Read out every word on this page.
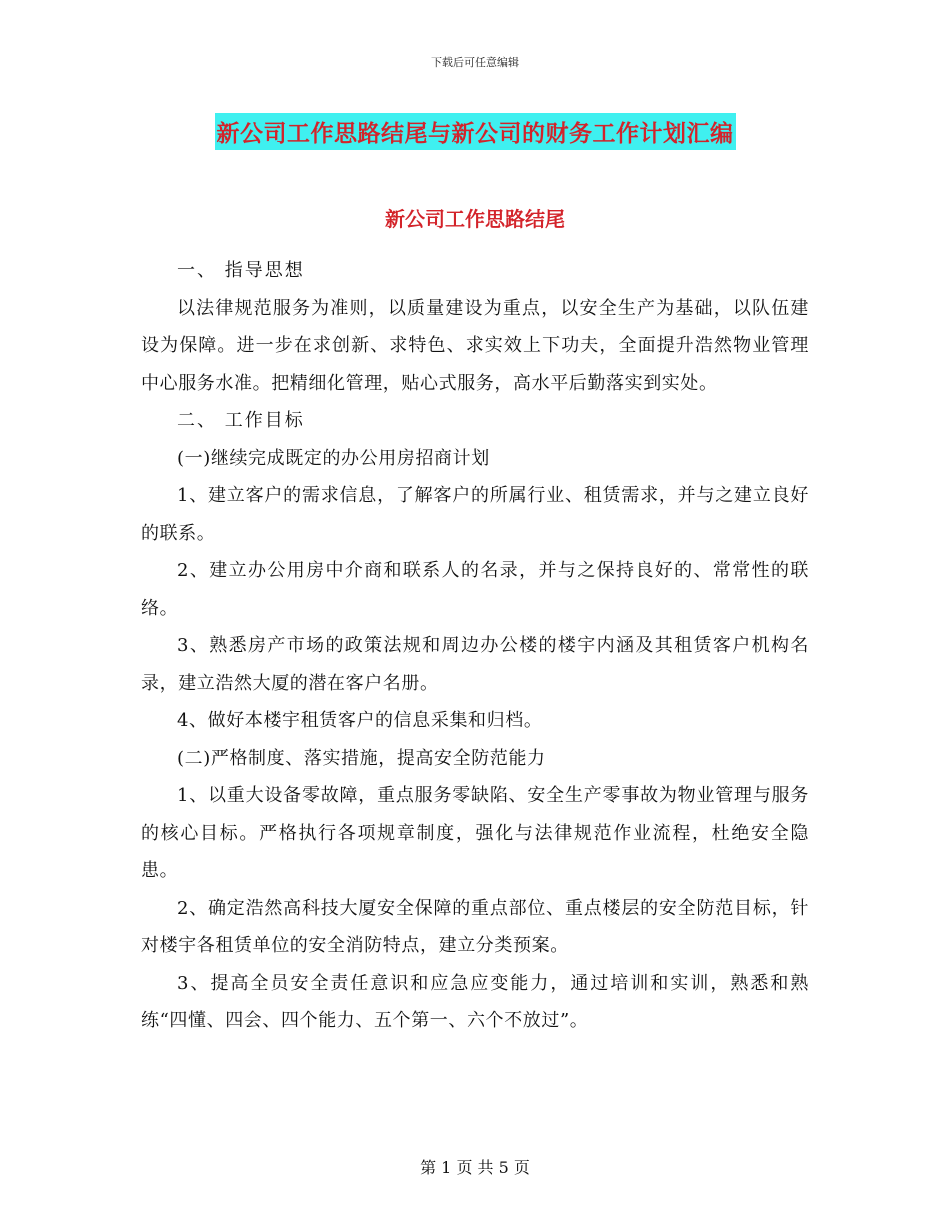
下载后可任意编辑
新公司工作思路结尾与新公司的财务工作计划汇编
新公司工作思路结尾

一、 指导思想

以法律规范服务为准则，以质量建设为重点，以安全生产为基础，以队伍建设为保障。进一步在求创新、求特色、求实效上下功夫，全面提升浩然物业管理中心服务水准。把精细化管理，贴心式服务，高水平后勤落实到实处。

二、 工作目标

(一)继续完成既定的办公用房招商计划

1、建立客户的需求信息，了解客户的所属行业、租赁需求，并与之建立良好的联系。

2、建立办公用房中介商和联系人的名录，并与之保持良好的、常常性的联络。

3、熟悉房产市场的政策法规和周边办公楼的楼宇内涵及其租赁客户机构名录，建立浩然大厦的潜在客户名册。

4、做好本楼宇租赁客户的信息采集和归档。

(二)严格制度、落实措施，提高安全防范能力

1、以重大设备零故障，重点服务零缺陷、安全生产零事故为物业管理与服务的核心目标。严格执行各项规章制度，强化与法律规范作业流程，杜绝安全隐患。

2、确定浩然高科技大厦安全保障的重点部位、重点楼层的安全防范目标，针对楼宇各租赁单位的安全消防特点，建立分类预案。

3、提高全员安全责任意识和应急应变能力，通过培训和实训，熟悉和熟练“四懂、四会、四个能力、五个第一、六个不放过”。

第 1 页 共 5 页
